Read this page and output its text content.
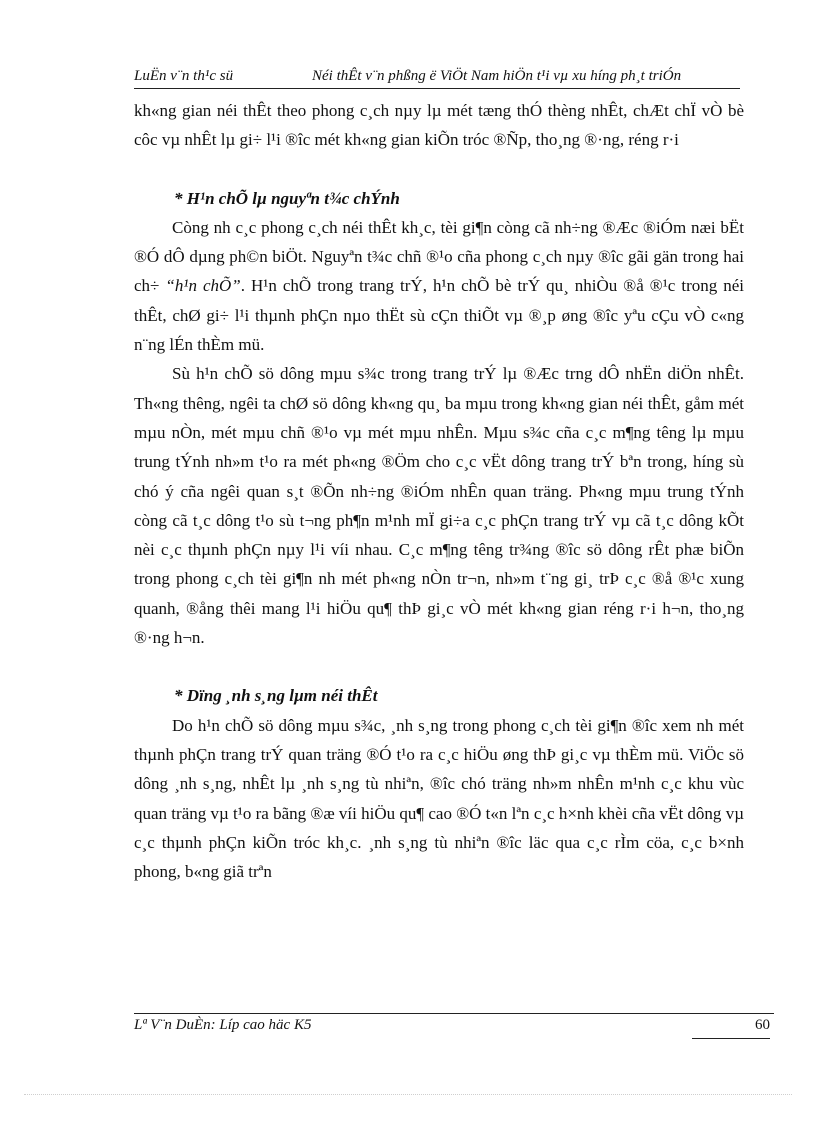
LuËn v¨n th¹c sü	Néi thÊt v¨n phßng ë ViÖt Nam hiÖn t¹i vµ xu híng ph¸t triÓn

kh«ng gian néi thÊt theo phong c¸ch nµy lµ mét tæng thÓ thèng nhÊt, chÆt chÏ vÒ bè côc vµ nhÊt lµ gi÷ l¹i ®îc mét kh«ng gian kiÕn tróc ®Ñp, tho¸ng ®·ng, réng r·i

* H¹n chÕ lµ nguyªn t¾c chÝnh

Còng nh c¸c phong c¸ch néi thÊt kh¸c, tèi gi¶n còng cã nh÷ng ®Æc ®iÓm næi bËt ®Ó dÔ dµng ph©n biÖt. Nguyªn t¾c chñ ®¹o cña phong c¸ch nµy ®îc gãi gän trong hai ch÷ “h¹n chÕ”. H¹n chÕ trong trang trÝ, h¹n chÕ bè trÝ qu¸ nhiÒu ®å ®¹c trong néi thÊt, chØ gi÷ l¹i thµnh phÇn nµo thËt sù cÇn thiÕt vµ ®¸p øng ®îc yªu cÇu vÒ c«ng n¨ng lÉn thÈm mü.

Sù h¹n chÕ sö dông mµu s¾c trong trang trÝ lµ ®Æc trng dÔ nhËn diÖn nhÊt. Th«ng thêng, ngêi ta chØ sö dông kh«ng qu¸ ba mµu trong kh«ng gian néi thÊt, gåm mét mµu nÒn, mét mµu chñ ®¹o vµ mét mµu nhÊn. Mµu s¾c cña c¸c m¶ng têng lµ mµu trung tÝnh nh»m t¹o ra mét ph«ng ®Öm cho c¸c vËt dông trang trÝ bªn trong, híng sù chó ý cña ngêi quan s¸t ®Õn nh÷ng ®iÓm nhÊn quan träng. Ph«ng mµu trung tÝnh còng cã t¸c dông t¹o sù t¬ng ph¶n m¹nh mÏ gi÷a c¸c phÇn trang trÝ vµ cã t¸c dông kÕt nèi c¸c thµnh phÇn nµy l¹i víi nhau. C¸c m¶ng têng tr¾ng ®îc sö dông rÊt phæ biÕn trong phong c¸ch tèi gi¶n nh mét ph«ng nÒn tr¬n, nh»m t¨ng gi¸ trÞ c¸c ®å ®¹c xung quanh, ®ång thêi mang l¹i hiÖu qu¶ thÞ gi¸c vÒ mét kh«ng gian réng r·i h¬n, tho¸ng ®·ng h¬n.

* Dïng ¸nh s¸ng lµm néi thÊt

Do h¹n chÕ sö dông mµu s¾c, ¸nh s¸ng trong phong c¸ch tèi gi¶n ®îc xem nh mét thµnh phÇn trang trÝ quan träng ®Ó t¹o ra c¸c hiÖu øng thÞ gi¸c vµ thÈm mü. ViÖc sö dông ¸nh s¸ng, nhÊt lµ ¸nh s¸ng tù nhiªn, ®îc chó träng nh»m nhÊn m¹nh c¸c khu vùc quan träng vµ t¹o ra bãng ®æ víi hiÖu qu¶ cao ®Ó t«n lªn c¸c h×nh khèi cña vËt dông vµ c¸c thµnh phÇn kiÕn tróc kh¸c. ¸nh s¸ng tù nhiªn ®îc läc qua c¸c rÌm cöa, c¸c b×nh phong, b«ng giã trªn

Lª V¨n DuÈn: Líp cao häc K5	60
